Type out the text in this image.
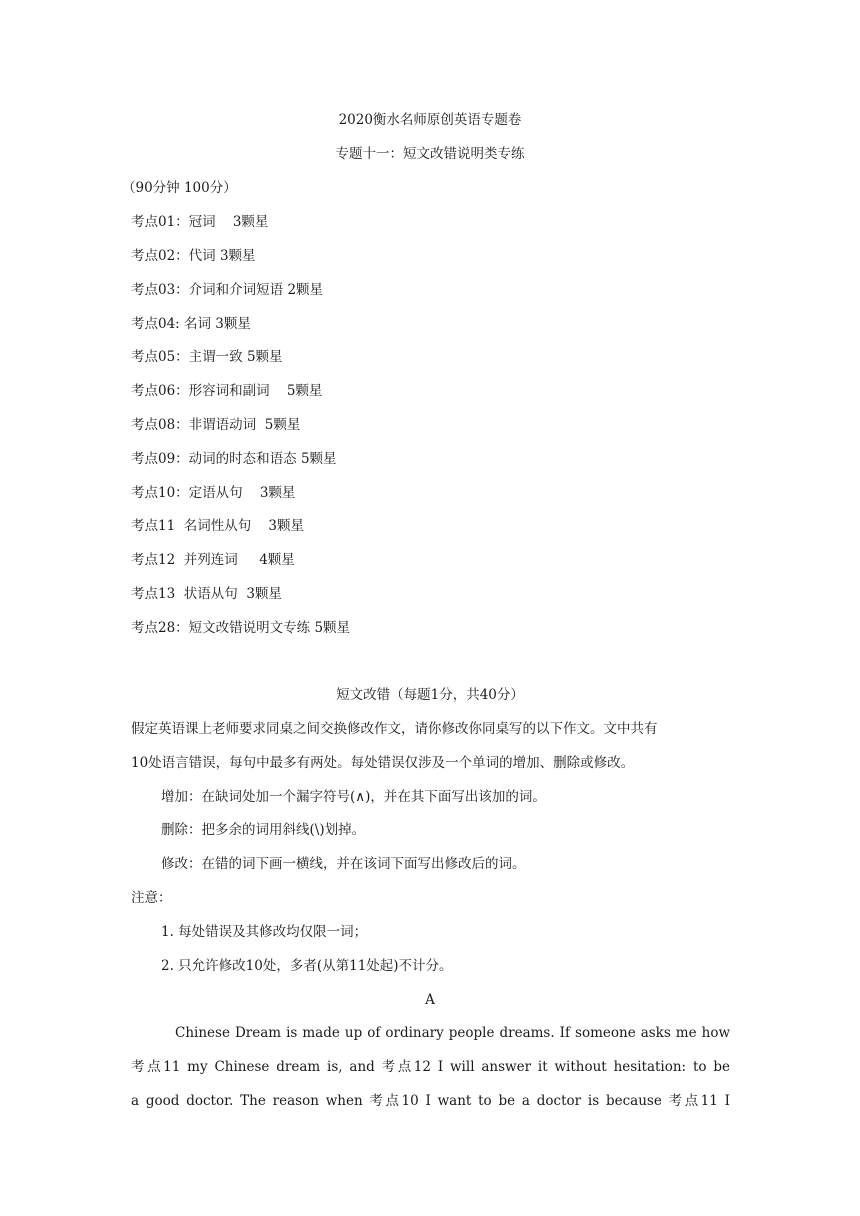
2020衡水名师原创英语专题卷
专题十一：短文改错说明类专练
（90分钟 100分）
考点01：冠词    3颗星
考点02：代词 3颗星
考点03：介词和介词短语 2颗星
考点04: 名词 3颗星
考点05：主谓一致 5颗星
考点06：形容词和副词    5颗星
考点08：非谓语动词  5颗星
考点09：动词的时态和语态 5颗星
考点10：定语从句    3颗星
考点11  名词性从句    3颗星
考点12  并列连词     4颗星
考点13  状语从句  3颗星
考点28：短文改错说明文专练 5颗星
短文改错（每题1分，共40分）
假定英语课上老师要求同桌之间交换修改作文，请你修改你同桌写的以下作文。文中共有
10处语言错误，每句中最多有两处。每处错误仅涉及一个单词的增加、删除或修改。
增加：在缺词处加一个漏字符号(∧)，并在其下面写出该加的词。
删除：把多余的词用斜线(\)划掉。
修改：在错的词下画一横线，并在该词下面写出修改后的词。
注意：
1. 每处错误及其修改均仅限一词；
2. 只允许修改10处，多者(从第11处起)不计分。
A
Chinese Dream is made up of ordinary people dreams. If someone asks me how
考点11 my Chinese dream is, and 考点12 I will answer it without hesitation: to be
a good doctor. The reason when 考点10 I want to be a doctor is because 考点11 I
